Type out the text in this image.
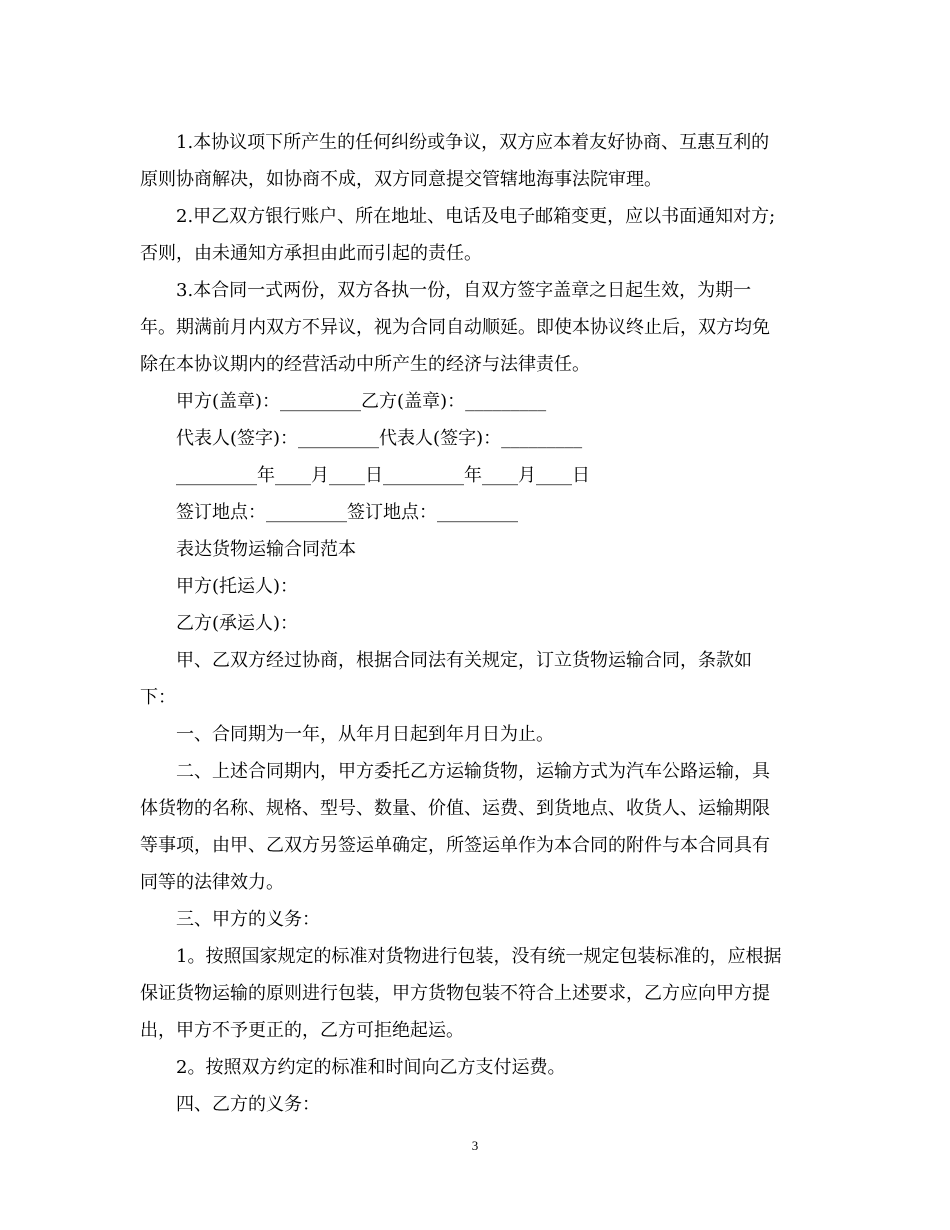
1.本协议项下所产生的任何纠纷或争议，双方应本着友好协商、互惠互利的
原则协商解决，如协商不成，双方同意提交管辖地海事法院审理。

2.甲乙双方银行账户、所在地址、电话及电子邮箱变更，应以书面通知对方;
否则，由未通知方承担由此而引起的责任。

3.本合同一式两份，双方各执一份，自双方签字盖章之日起生效，为期一
年。期满前月内双方不异议，视为合同自动顺延。即使本协议终止后，双方均免
除在本协议期内的经营活动中所产生的经济与法律责任。

甲方(盖章)：_________乙方(盖章)：_________

代表人(签字)：_________代表人(签字)：_________

_________年____月____日_________年____月____日

签订地点：_________签订地点：_________

表达货物运输合同范本

甲方(托运人)：

乙方(承运人)：

甲、乙双方经过协商，根据合同法有关规定，订立货物运输合同，条款如
下：

一、合同期为一年，从年月日起到年月日为止。

二、上述合同期内，甲方委托乙方运输货物，运输方式为汽车公路运输，具
体货物的名称、规格、型号、数量、价值、运费、到货地点、收货人、运输期限
等事项，由甲、乙双方另签运单确定，所签运单作为本合同的附件与本合同具有
同等的法律效力。

三、甲方的义务：

1。按照国家规定的标准对货物进行包装，没有统一规定包装标准的，应根据
保证货物运输的原则进行包装，甲方货物包装不符合上述要求，乙方应向甲方提
出，甲方不予更正的，乙方可拒绝起运。

2。按照双方约定的标准和时间向乙方支付运费。

四、乙方的义务：

3
